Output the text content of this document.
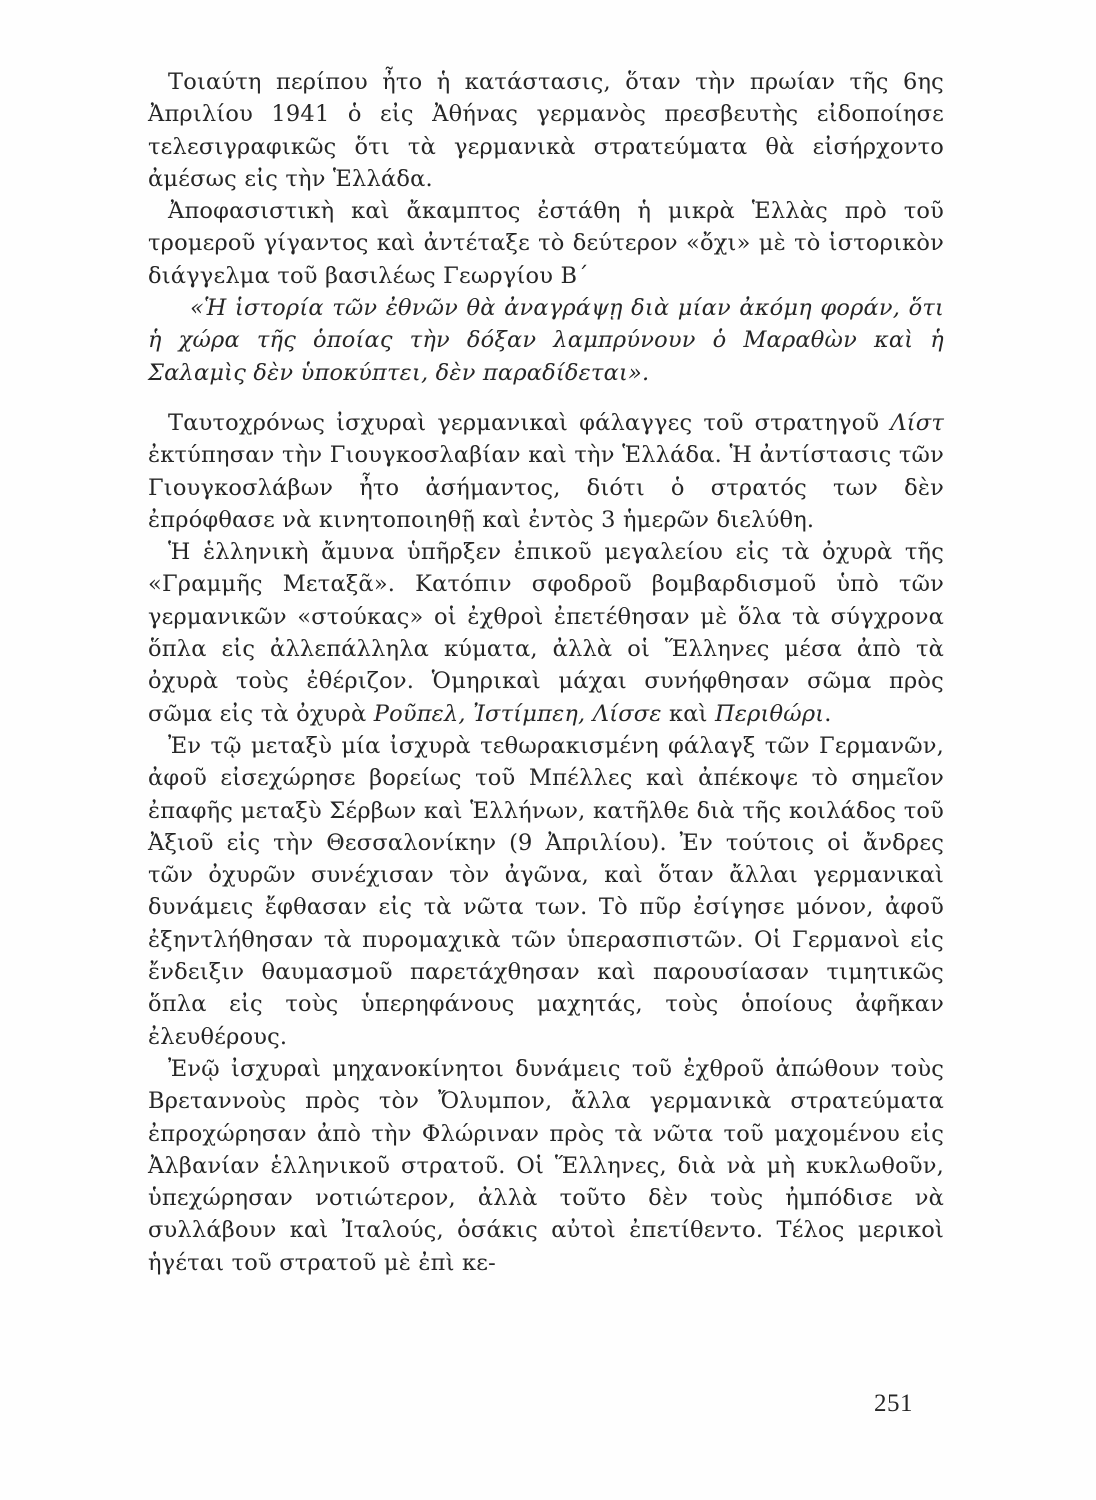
Τοιαύτη περίπου ἦτο ἡ κατάστασις, ὅταν τὴν πρωίαν τῆς 6ης Ἀπριλίου 1941 ὁ εἰς Ἀθήνας γερμανὸς πρεσβευτὴς εἰδοποίησε τελεσιγραφικῶς ὅτι τὰ γερμανικὰ στρατεύματα θὰ εἰσήρχοντο ἀμέσως εἰς τὴν Ἑλλάδα.

Ἀποφασιστικὴ καὶ ἄκαμπτος ἐστάθη ἡ μικρὰ Ἑλλὰς πρὸ τοῦ τρομεροῦ γίγαντος καὶ ἀντέταξε τὸ δεύτερον «ὄχι» μὲ τὸ ἱστορικὸν διάγγελμα τοῦ βασιλέως Γεωργίου Β΄

«Ἡ ἱστορία τῶν ἐθνῶν θὰ ἀναγράψῃ διὰ μίαν ἀκόμη φοράν, ὅτι ἡ χώρα τῆς ὁποίας τὴν δόξαν λαμπρύνουν ὁ Μαραθὼν καὶ ἡ Σαλαμὶς δὲν ὑποκύπτει, δὲν παραδίδεται».

Ταυτοχρόνως ἰσχυραὶ γερμανικαὶ φάλαγγες τοῦ στρατηγοῦ Λίστ ἐκτύπησαν τὴν Γιουγκοσλαβίαν καὶ τὴν Ἑλλάδα. Ἡ ἀντίστασις τῶν Γιουγκοσλάβων ἦτο ἀσήμαντος, διότι ὁ στρατός των δὲν ἐπρόφθασε νὰ κινητοποιηθῇ καὶ ἐντὸς 3 ἡμερῶν διελύθη.

Ἡ ἑλληνικὴ ἄμυνα ὑπῆρξεν ἐπικοῦ μεγαλείου εἰς τὰ ὀχυρὰ τῆς «Γραμμῆς Μεταξᾶ». Κατόπιν σφοδροῦ βομβαρδισμοῦ ὑπὸ τῶν γερμανικῶν «στούκας» οἱ ἐχθροὶ ἐπετέθησαν μὲ ὅλα τὰ σύγχρονα ὅπλα εἰς ἀλλεπάλληλα κύματα, ἀλλὰ οἱ Ἕλληνες μέσα ἀπὸ τὰ ὀχυρὰ τοὺς ἐθέριζον. Ὁμηρικαὶ μάχαι συνήφθησαν σῶμα πρὸς σῶμα εἰς τὰ ὀχυρὰ Ροῦπελ, Ἰστίμπεη, Λίσσε καὶ Περιθώρι.

Ἐν τῷ μεταξὺ μία ἰσχυρὰ τεθωρακισμένη φάλαγξ τῶν Γερμανῶν, ἀφοῦ εἰσεχώρησε βορείως τοῦ Μπέλλες καὶ ἀπέκοψε τὸ σημεῖον ἐπαφῆς μεταξὺ Σέρβων καὶ Ἑλλήνων, κατῆλθε διὰ τῆς κοιλάδος τοῦ Ἀξιοῦ εἰς τὴν Θεσσαλονίκην (9 Ἀπριλίου). Ἐν τούτοις οἱ ἄνδρες τῶν ὀχυρῶν συνέχισαν τὸν ἀγῶνα, καὶ ὅταν ἄλλαι γερμανικαὶ δυνάμεις ἔφθασαν εἰς τὰ νῶτα των. Τὸ πῦρ ἐσίγησε μόνον, ἀφοῦ ἐξηντλήθησαν τὰ πυρομαχικὰ τῶν ὑπερασπιστῶν. Οἱ Γερμανοὶ εἰς ἔνδειξιν θαυμασμοῦ παρετάχθησαν καὶ παρουσίασαν τιμητικῶς ὅπλα εἰς τοὺς ὑπερηφάνους μαχητάς, τοὺς ὁποίους ἀφῆκαν ἐλευθέρους.

Ἐνῷ ἰσχυραὶ μηχανοκίνητοι δυνάμεις τοῦ ἐχθροῦ ἀπώθουν τοὺς Βρεταννοὺς πρὸς τὸν Ὄλυμπον, ἄλλα γερμανικὰ στρατεύματα ἐπροχώρησαν ἀπὸ τὴν Φλώριναν πρὸς τὰ νῶτα τοῦ μαχομένου εἰς Ἀλβανίαν ἑλληνικοῦ στρατοῦ. Οἱ Ἕλληνες, διὰ νὰ μὴ κυκλωθοῦν, ὑπεχώρησαν νοτιώτερον, ἀλλὰ τοῦτο δὲν τοὺς ἠμπόδισε νὰ συλλάβουν καὶ Ἰταλούς, ὁσάκις αὐτοὶ ἐπετίθεντο. Τέλος μερικοὶ ἡγέται τοῦ στρατοῦ μὲ ἐπὶ κε-

251
